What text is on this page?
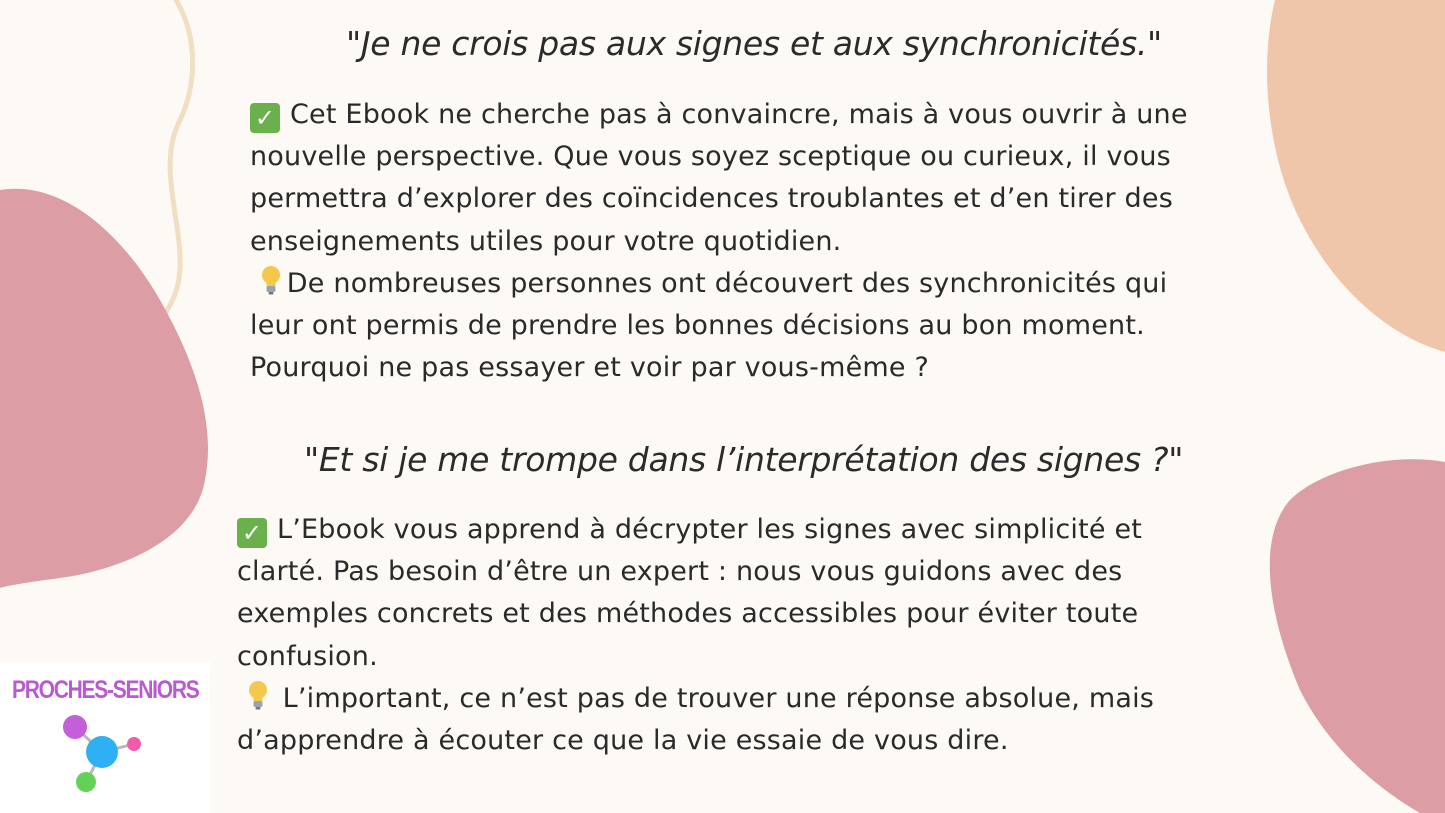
"Je ne crois pas aux signes et aux synchronicités."
✓ Cet Ebook ne cherche pas à convaincre, mais à vous ouvrir à une
nouvelle perspective. Que vous soyez sceptique ou curieux, il vous
permettra d’explorer des coïncidences troublantes et d’en tirer des
enseignements utiles pour votre quotidien.
De nombreuses personnes ont découvert des synchronicités qui
leur ont permis de prendre les bonnes décisions au bon moment.
Pourquoi ne pas essayer et voir par vous-même ?
"Et si je me trompe dans l’interprétation des signes ?"
✓ L’Ebook vous apprend à décrypter les signes avec simplicité et
clarté. Pas besoin d’être un expert : nous vous guidons avec des
exemples concrets et des méthodes accessibles pour éviter toute
confusion.
L’important, ce n’est pas de trouver une réponse absolue, mais
d’apprendre à écouter ce que la vie essaie de vous dire.
PROCHES-SENIORS
